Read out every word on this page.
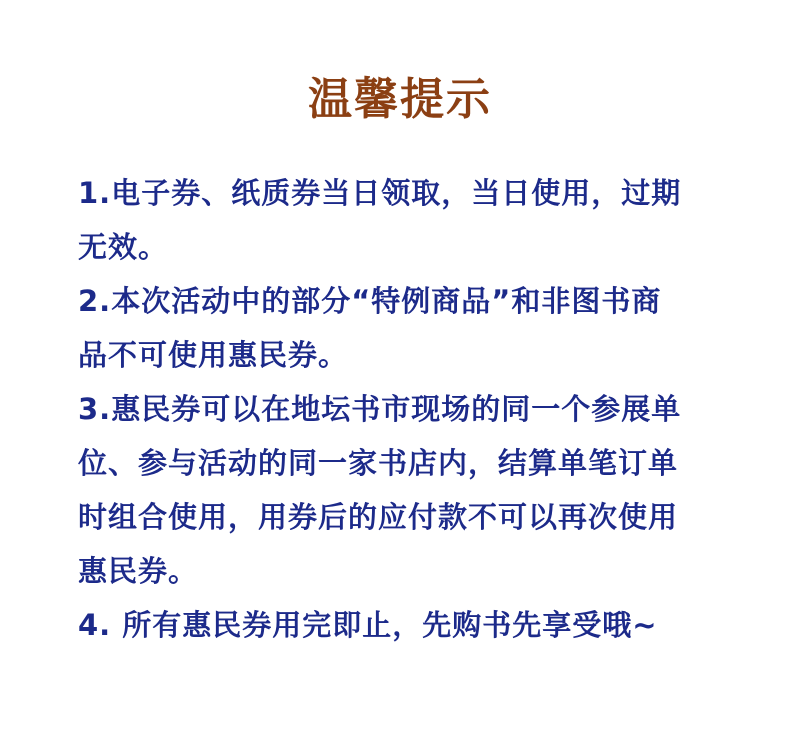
温馨提示
1.电子券、纸质券当日领取，当日使用，过期
无效。
2.本次活动中的部分“特例商品”和非图书商
品不可使用惠民券。
3.惠民券可以在地坛书市现场的同一个参展单
位、参与活动的同一家书店内，结算单笔订单
时组合使用，用券后的应付款不可以再次使用
惠民券。
4. 所有惠民券用完即止，先购书先享受哦~
